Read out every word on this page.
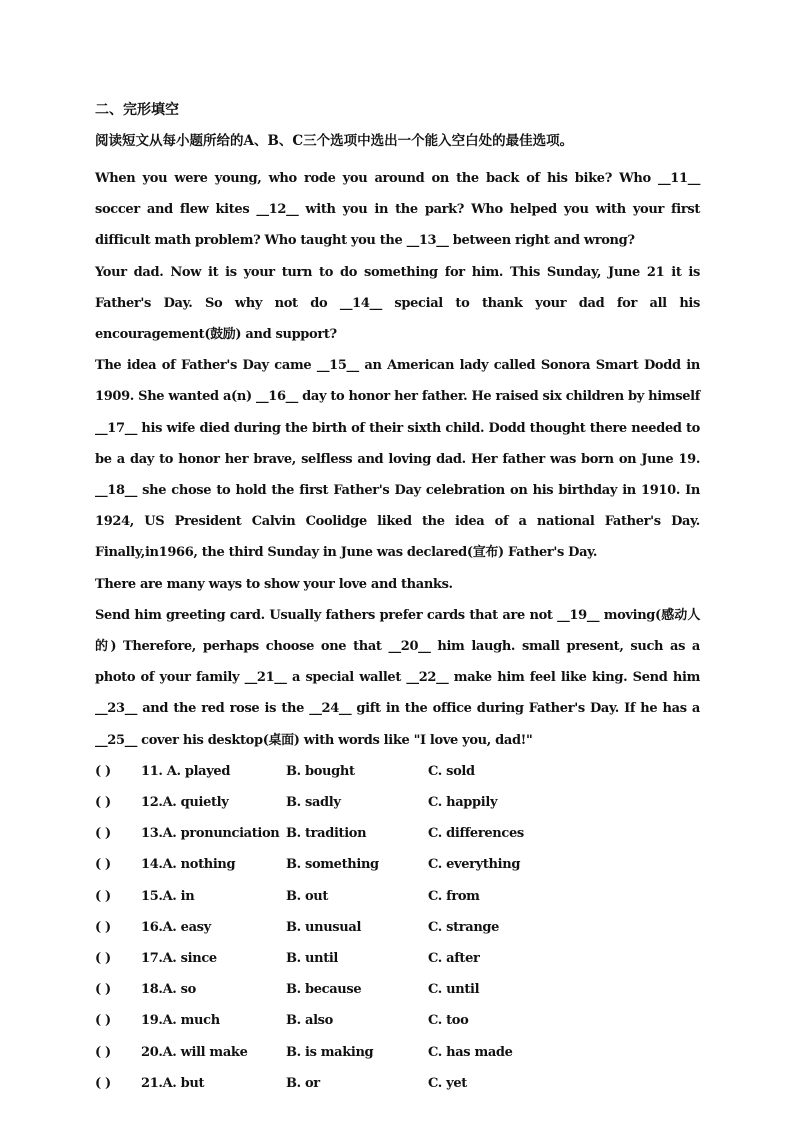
二、完形填空
阅读短文从每小题所给的A、B、C三个选项中选出一个能入空白处的最佳选项。

When you were young, who rode you around on the back of his bike? Who __11__ soccer and flew kites __12__ with you in the park? Who helped you with your first difficult math problem? Who taught you the __13__ between right and wrong?

Your dad. Now it is your turn to do something for him. This Sunday, June 21 it is Father's Day. So why not do __14__ special to thank your dad for all his encouragement(鼓励) and support?

The idea of Father's Day came __15__ an American lady called Sonora Smart Dodd in 1909. She wanted a(n) __16__ day to honor her father. He raised six children by himself __17__ his wife died during the birth of their sixth child. Dodd thought there needed to be a day to honor her brave, selfless and loving dad. Her father was born on June 19. __18__ she chose to hold the first Father's Day celebration on his birthday in 1910. In 1924, US President Calvin Coolidge liked the idea of a national Father's Day. Finally,in1966, the third Sunday in June was declared(宣布) Father's Day.

There are many ways to show your love and thanks.

Send him greeting card. Usually fathers prefer cards that are not __19__ moving(感动人的) Therefore, perhaps choose one that __20__ him laugh. small present, such as a photo of your family __21__ a special wallet __22__ make him feel like king. Send him __23__ and the red rose is the __24__ gift in the office during Father's Day. If he has a __25__ cover his desktop(桌面) with words like "I love you, dad!"

( )	11. A. played	B. bought	C. sold
( )	12.A. quietly	B. sadly	C. happily
( )	13.A. pronunciation B. tradition	C. differences
( )	14.A. nothing	B. something	C. everything
( )	15.A. in	B. out	C. from
( )	16.A. easy	B. unusual	C. strange
( )	17.A. since	B. until	C. after
( )	18.A. so	B. because	C. until
( )	19.A. much	B. also	C. too
( )	20.A. will make	B. is making	C. has made
( )	21.A. but	B. or	C. yet
